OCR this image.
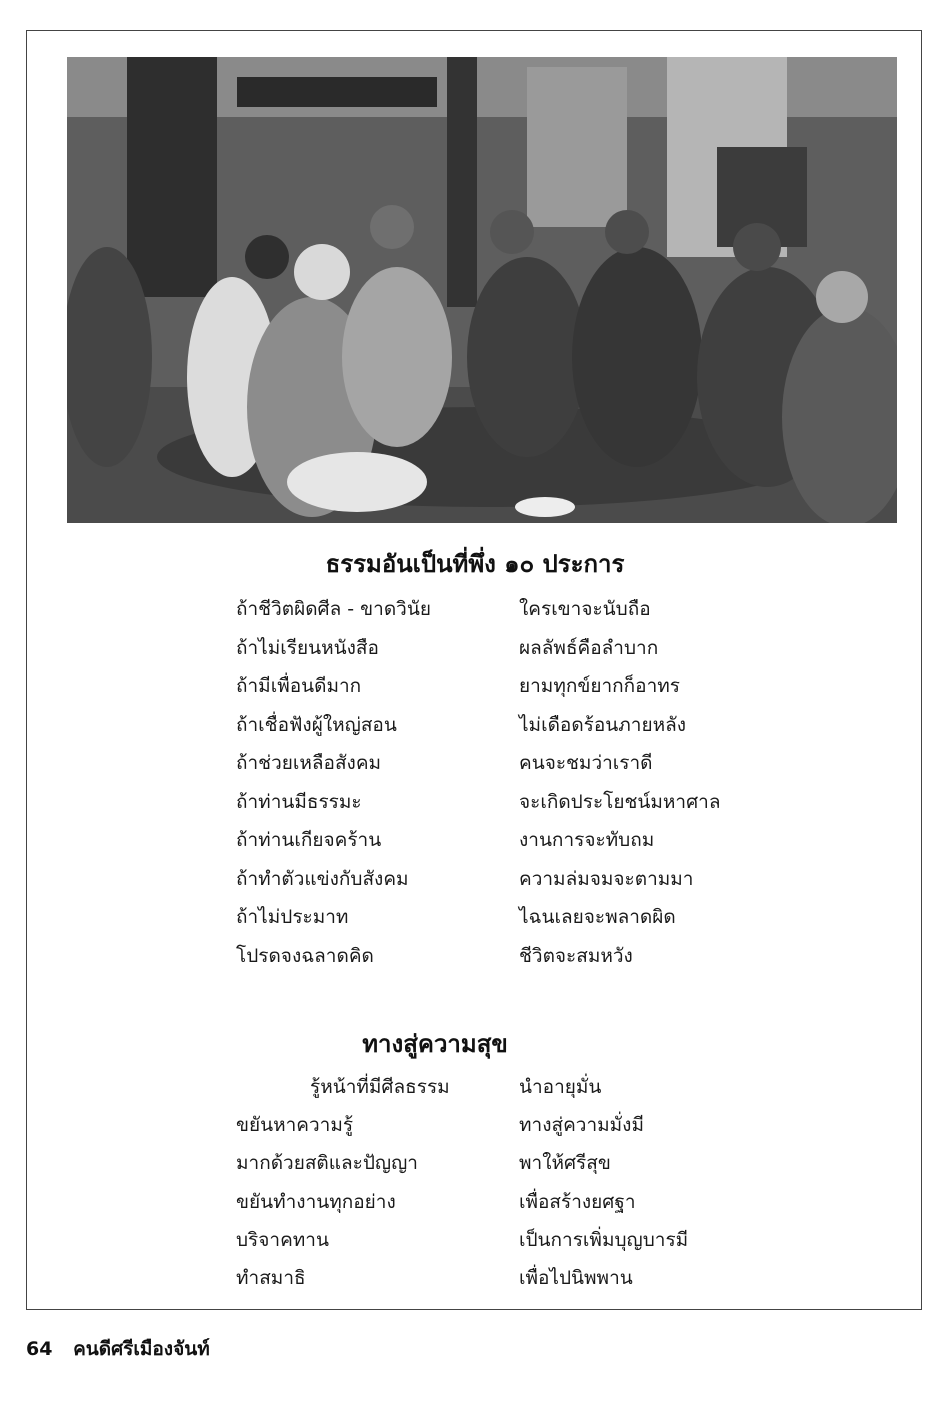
ธรรมอันเป็นที่พึ่ง ๑๐ ประการ
ถ้าชีวิตผิดศีล - ขาดวินัย	ใครเขาจะนับถือ
ถ้าไม่เรียนหนังสือ	ผลลัพธ์คือลำบาก
ถ้ามีเพื่อนดีมาก	ยามทุกข์ยากก็อาทร
ถ้าเชื่อฟังผู้ใหญ่สอน	ไม่เดือดร้อนภายหลัง
ถ้าช่วยเหลือสังคม	คนจะชมว่าเราดี
ถ้าท่านมีธรรมะ	จะเกิดประโยชน์มหาศาล
ถ้าท่านเกียจคร้าน	งานการจะทับถม
ถ้าทำตัวแข่งกับสังคม	ความล่มจมจะตามมา
ถ้าไม่ประมาท	ไฉนเลยจะพลาดผิด
โปรดจงฉลาดคิด	ชีวิตจะสมหวัง
ทางสู่ความสุข
รู้หน้าที่มีศีลธรรม	นำอายุมั่น
ขยันหาความรู้	ทางสู่ความมั่งมี
มากด้วยสติและปัญญา	พาให้ศรีสุข
ขยันทำงานทุกอย่าง	เพื่อสร้างยศฐา
บริจาคทาน	เป็นการเพิ่มบุญบารมี
ทำสมาธิ	เพื่อไปนิพพาน
64 คนดีศรีเมืองจันท์
